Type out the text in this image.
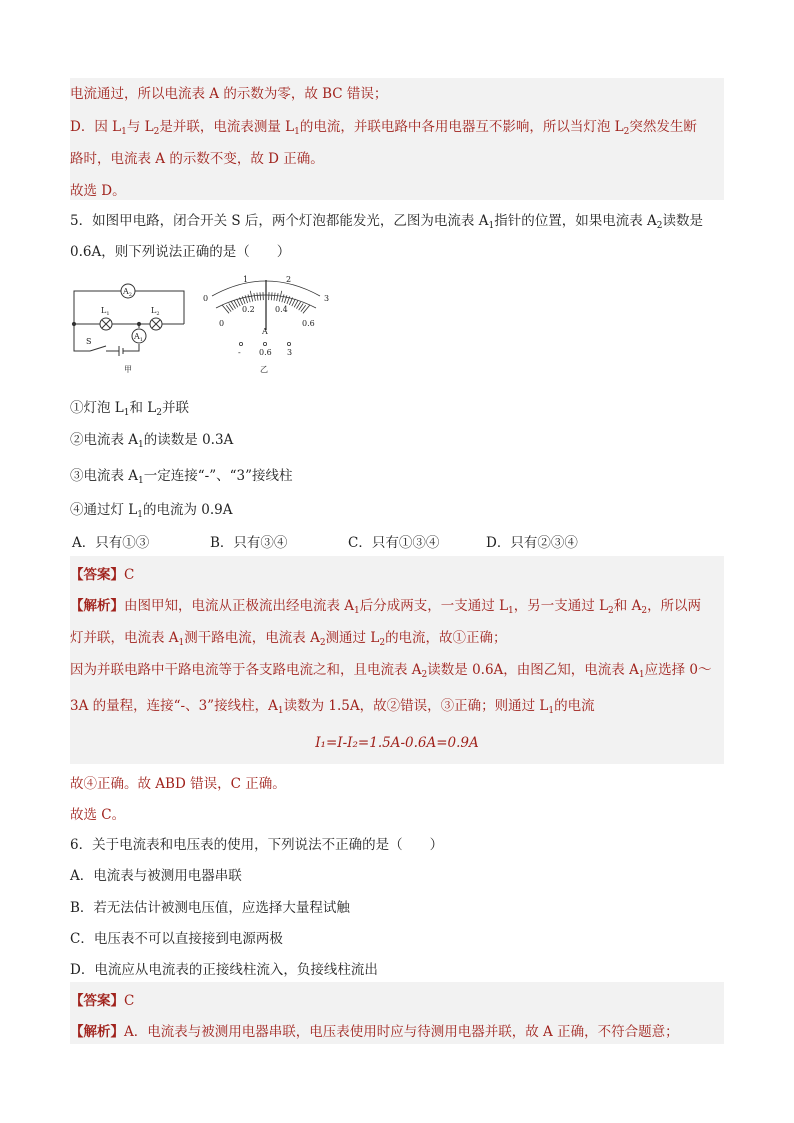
电流通过，所以电流表 A 的示数为零，故 BC 错误；
D．因 $L_1$与 $L_2$是并联，电流表测量 $L_1$的电流，并联电路中各用电器互不影响，所以当灯泡 $L_2$突然发生断
路时，电流表 A 的示数不变，故 D 正确。
故选 D。
5．如图甲电路，闭合开关 S 后，两个灯泡都能发光，乙图为电流表 $A_1$指针的位置，如果电流表 $A_2$读数是
0.6A，则下列说法正确的是（　　）
$A_2$
$A_1$
$L_1$	$L_2$
S
甲
0
1	2
3
0
0.2	0.4
0.6
A
- 0.6 3
乙
①灯泡 $L_1$和 $L_2$并联
②电流表 $A_1$的读数是 0.3A
③电流表 $A_1$一定连接“-”、“3”接线柱
④通过灯 $L_1$的电流为 0.9A
A．只有①③	B．只有③④	C．只有①③④	D．只有②③④
【答案】C
【解析】由图甲知，电流从正极流出经电流表 $A_1$后分成两支，一支通过 $L_1$，另一支通过 $L_2$和 $A_2$，所以两
灯并联，电流表 $A_1$测干路电流，电流表 $A_2$测通过 $L_2$的电流，故①正确；
因为并联电路中干路电流等于各支路电流之和，且电流表 $A_2$读数是 0.6A，由图乙知，电流表 $A_1$应选择 0～
3A 的量程，连接“-、3”接线柱，$A_1$读数为 1.5A，故②错误，③正确；则通过 $L_1$的电流
I₁=I-I₂=1.5A-0.6A=0.9A
故④正确。故 ABD 错误，C 正确。
故选 C。
6．关于电流表和电压表的使用，下列说法不正确的是（　　）
A．电流表与被测用电器串联
B．若无法估计被测电压值，应选择大量程试触
C．电压表不可以直接接到电源两极
D．电流应从电流表的正接线柱流入，负接线柱流出
【答案】C
【解析】A．电流表与被测用电器串联，电压表使用时应与待测用电器并联，故 A 正确，不符合题意；
